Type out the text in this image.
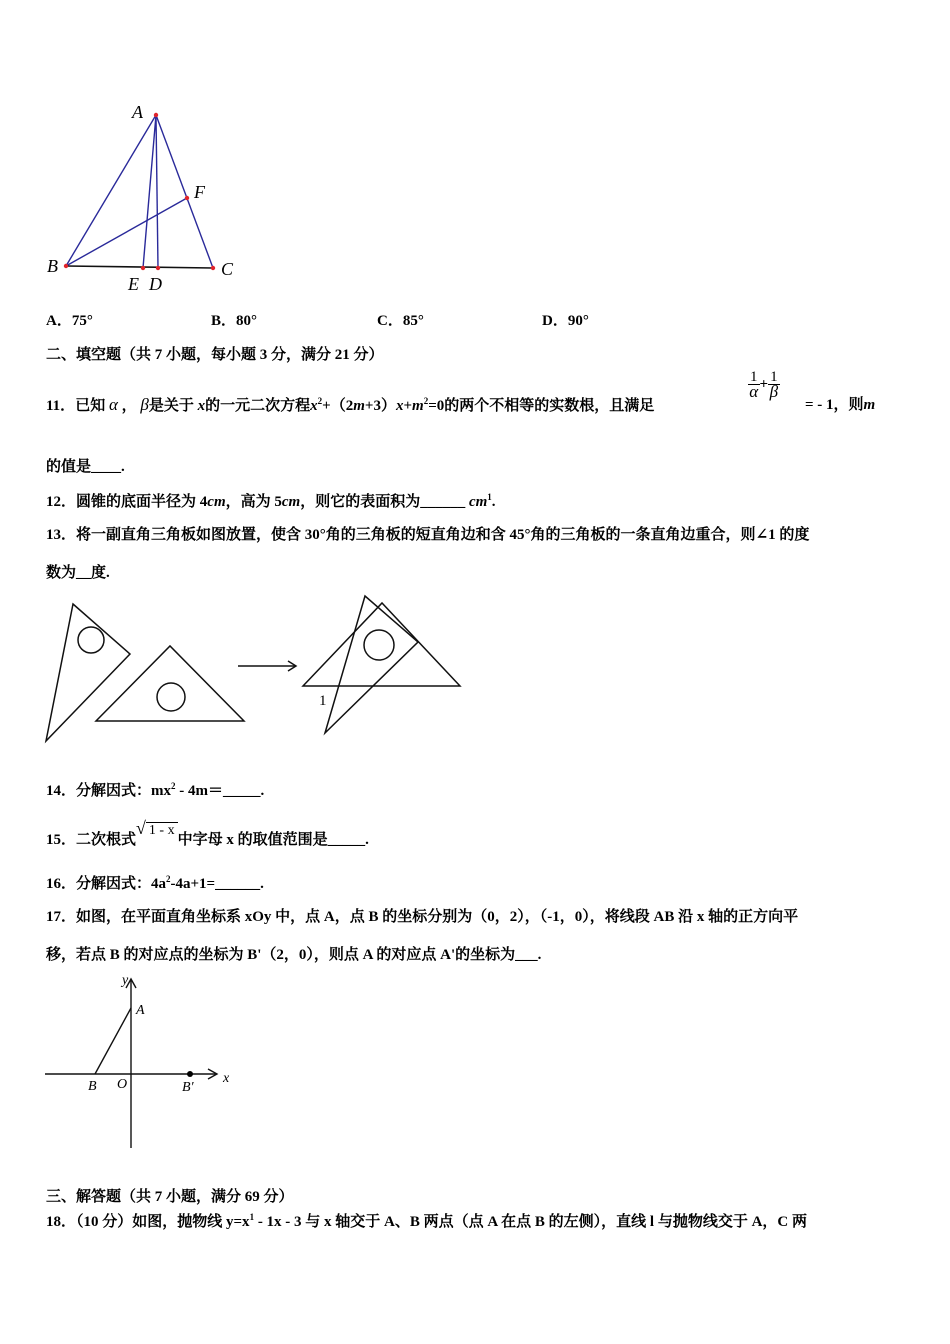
A
B	C
E D
F
A．75°	B．80°	C．85°	D．90°
二、填空题（共 7 小题，每小题 3 分，满分 21 分）
11．已知 α ， β是关于 x的一元二次方程$x^2+(2m+3)x+m^2=0$的两个不相等的实数根，且满足
$\frac{1}{\alpha} + \frac{1}{\beta}$
= - 1，则m
的值是____.
12．圆锥的底面半径为 4cm，高为 5cm，则它的表面积为______ $cm^1$.
13．将一副直角三角板如图放置，使含 30°角的三角板的短直角边和含 45°角的三角板的一条直角边重合，则∠1 的度
数为__度.
1
14．分解因式：$mx^2$ - 4m＝_____.
15．二次根式√ 1 - x中字母 x 的取值范围是_____.
16．分解因式：$4a^2-4a+1=\_\_\_\_\_\_$.
17．如图，在平面直角坐标系 xOy 中，点 A，点 B 的坐标分别为（0，2），（-1，0），将线段 AB 沿 x 轴的正方向平
移，若点 B 的对应点的坐标为 B'（2，0），则点 A 的对应点 A'的坐标为___.
y
x
A
B O	B′
三、解答题（共 7 小题，满分 69 分）
18．（10 分）如图，抛物线 $y=x^1 - 1x - 3$ 与 x 轴交于 A、B 两点（点 A 在点 B 的左侧），直线 l 与抛物线交于 A，C 两
